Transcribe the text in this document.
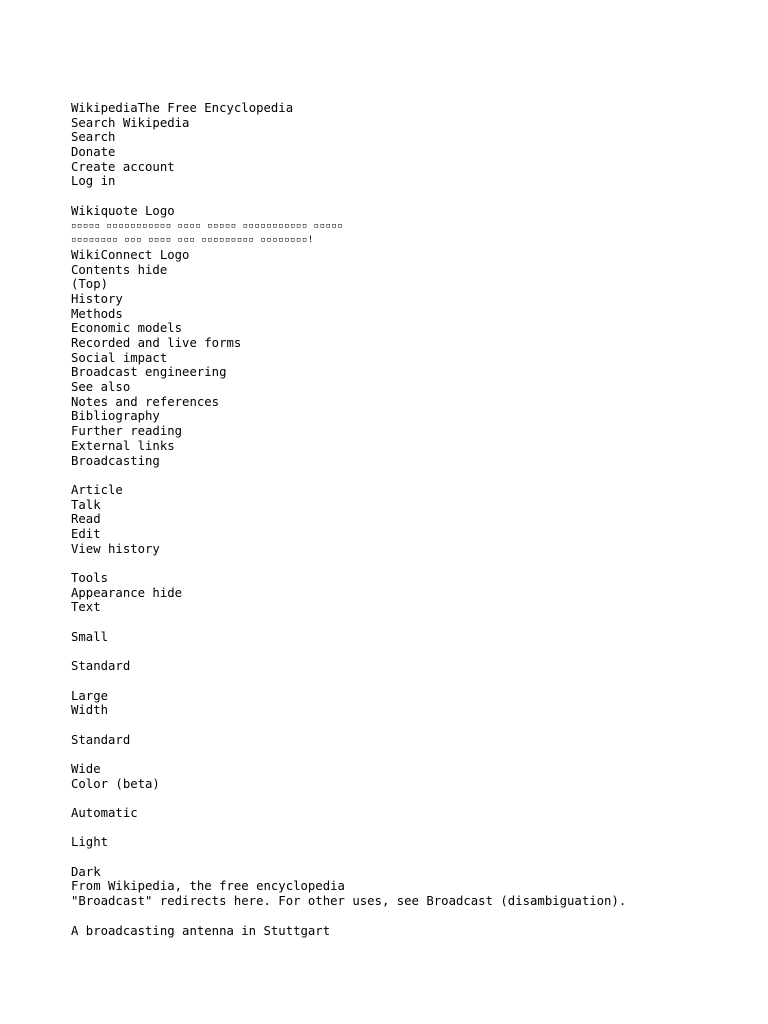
WikipediaThe Free Encyclopedia
Search Wikipedia
Search
Donate
Create account
Log in
Wikiquote Logo
▫▫▫▫▫ ▫▫▫▫▫▫▫▫▫▫▫ ▫▫▫▫ ▫▫▫▫▫ ▫▫▫▫▫▫▫▫▫▫▫ ▫▫▫▫▫
▫▫▫▫▫▫▫▫ ▫▫▫ ▫▫▫▫ ▫▫▫ ▫▫▫▫▫▫▫▫▫ ▫▫▫▫▫▫▫▫!
WikiConnect Logo
Contents hide
(Top)
History
Methods
Economic models
Recorded and live forms
Social impact
Broadcast engineering
See also
Notes and references
Bibliography
Further reading
External links
Broadcasting
Article
Talk
Read
Edit
View history
Tools
Appearance hide
Text
Small
Standard
Large
Width
Standard
Wide
Color (beta)
Automatic
Light
Dark
From Wikipedia, the free encyclopedia
"Broadcast" redirects here. For other uses, see Broadcast (disambiguation).
A broadcasting antenna in Stuttgart
